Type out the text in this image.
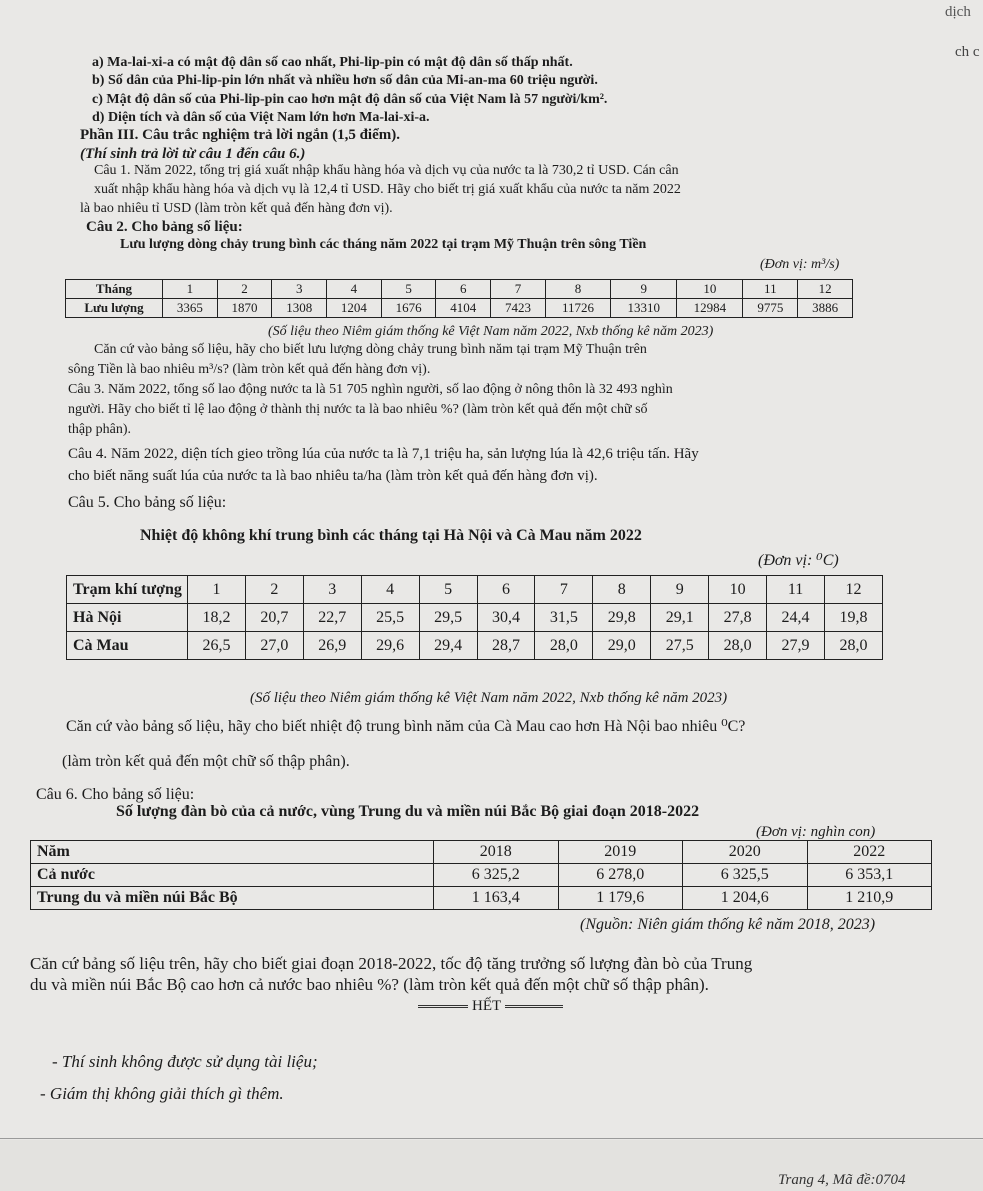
dịch
ch c
a) Ma-lai-xi-a có mật độ dân số cao nhất, Phi-lip-pin có mật độ dân số thấp nhất.
b) Số dân của Phi-lip-pin lớn nhất và nhiều hơn số dân của Mi-an-ma 60 triệu người.
c) Mật độ dân số của Phi-lip-pin cao hơn mật độ dân số của Việt Nam là 57 người/km².
d) Diện tích và dân số của Việt Nam lớn hơn Ma-lai-xi-a.
Phần III. Câu trắc nghiệm trả lời ngắn (1,5 điểm).
(Thí sinh trả lời từ câu 1 đến câu 6.)
Câu 1. Năm 2022, tổng trị giá xuất nhập khẩu hàng hóa và dịch vụ của nước ta là 730,2 tỉ USD. Cán cân
xuất nhập khẩu hàng hóa và dịch vụ là 12,4 tỉ USD. Hãy cho biết trị giá xuất khẩu của nước ta năm 2022
là bao nhiêu tỉ USD (làm tròn kết quả đến hàng đơn vị).
Câu 2. Cho bảng số liệu:
Lưu lượng dòng chảy trung bình các tháng năm 2022 tại trạm Mỹ Thuận trên sông Tiền
(Đơn vị: m³/s)
Tháng	1	2	3	4	5	6	7	8	9	10	11	12
Lưu lượng	3365	1870	1308	1204	1676	4104	7423	11726	13310	12984	9775	3886
(Số liệu theo Niêm giám thống kê Việt Nam năm 2022, Nxb thống kê năm 2023)
Căn cứ vào bảng số liệu, hãy cho biết lưu lượng dòng chảy trung bình năm tại trạm Mỹ Thuận trên
sông Tiền là bao nhiêu m³/s? (làm tròn kết quả đến hàng đơn vị).
Câu 3. Năm 2022, tổng số lao động nước ta là 51 705 nghìn người, số lao động ở nông thôn là 32 493 nghìn
người. Hãy cho biết tỉ lệ lao động ở thành thị nước ta là bao nhiêu %? (làm tròn kết quả đến một chữ số
thập phân).
Câu 4. Năm 2022, diện tích gieo trồng lúa của nước ta là 7,1 triệu ha, sản lượng lúa là 42,6 triệu tấn. Hãy
cho biết năng suất lúa của nước ta là bao nhiêu ta/ha (làm tròn kết quả đến hàng đơn vị).
Câu 5. Cho bảng số liệu:
Nhiệt độ không khí trung bình các tháng tại Hà Nội và Cà Mau năm 2022
(Đơn vị: ⁰C)
Trạm khí tượng	1	2	3	4	5	6	7	8	9	10	11	12
Hà Nội	18,2	20,7	22,7	25,5	29,5	30,4	31,5	29,8	29,1	27,8	24,4	19,8
Cà Mau	26,5	27,0	26,9	29,6	29,4	28,7	28,0	29,0	27,5	28,0	27,9	28,0
(Số liệu theo Niêm giám thống kê Việt Nam năm 2022, Nxb thống kê năm 2023)
Căn cứ vào bảng số liệu, hãy cho biết nhiệt độ trung bình năm của Cà Mau cao hơn Hà Nội bao nhiêu ⁰C?
(làm tròn kết quả đến một chữ số thập phân).
Câu 6. Cho bảng số liệu:
Số lượng đàn bò của cả nước, vùng Trung du và miền núi Bắc Bộ giai đoạn 2018-2022
(Đơn vị: nghìn con)
Năm	2018	2019	2020	2022
Cả nước	6 325,2	6 278,0	6 325,5	6 353,1
Trung du và miền núi Bắc Bộ	1 163,4	1 179,6	1 204,6	1 210,9
(Nguồn: Niên giám thống kê năm 2018, 2023)
Căn cứ bảng số liệu trên, hãy cho biết giai đoạn 2018-2022, tốc độ tăng trưởng số lượng đàn bò của Trung
du và miền núi Bắc Bộ cao hơn cả nước bao nhiêu %? (làm tròn kết quả đến một chữ số thập phân).
HẾT
- Thí sinh không được sử dụng tài liệu;
- Giám thị không giải thích gì thêm.
Trang 4, Mã đề:0704
